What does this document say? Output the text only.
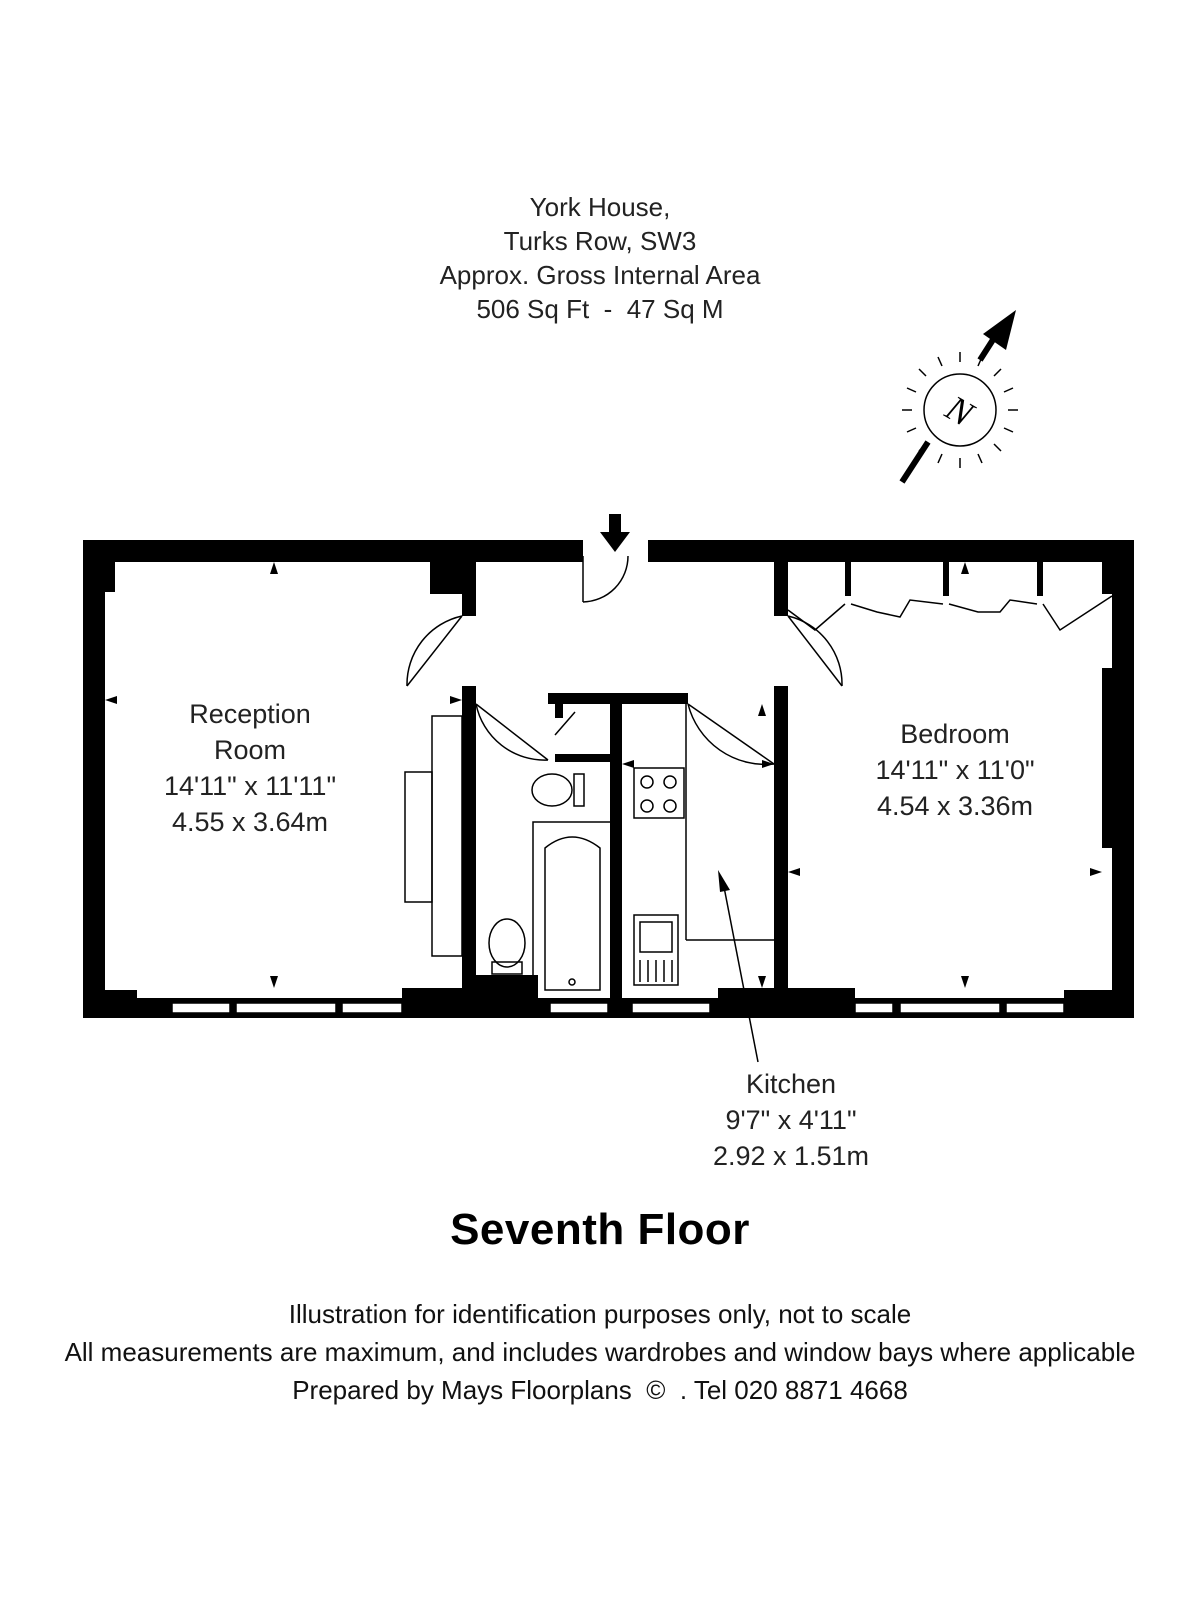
York House,
Turks Row, SW3
Approx. Gross Internal Area
506 Sq Ft  -  47 Sq M
N
Reception
Room
14'11" x 11'11"
4.55 x 3.64m
Bedroom
14'11" x 11'0"
4.54 x 3.36m
Kitchen
9'7" x 4'11"
2.92 x 1.51m
Seventh Floor
Illustration for identification purposes only, not to scale
All measurements are maximum, and includes wardrobes and window bays where applicable
Prepared by Mays Floorplans  ©  . Tel 020 8871 4668
